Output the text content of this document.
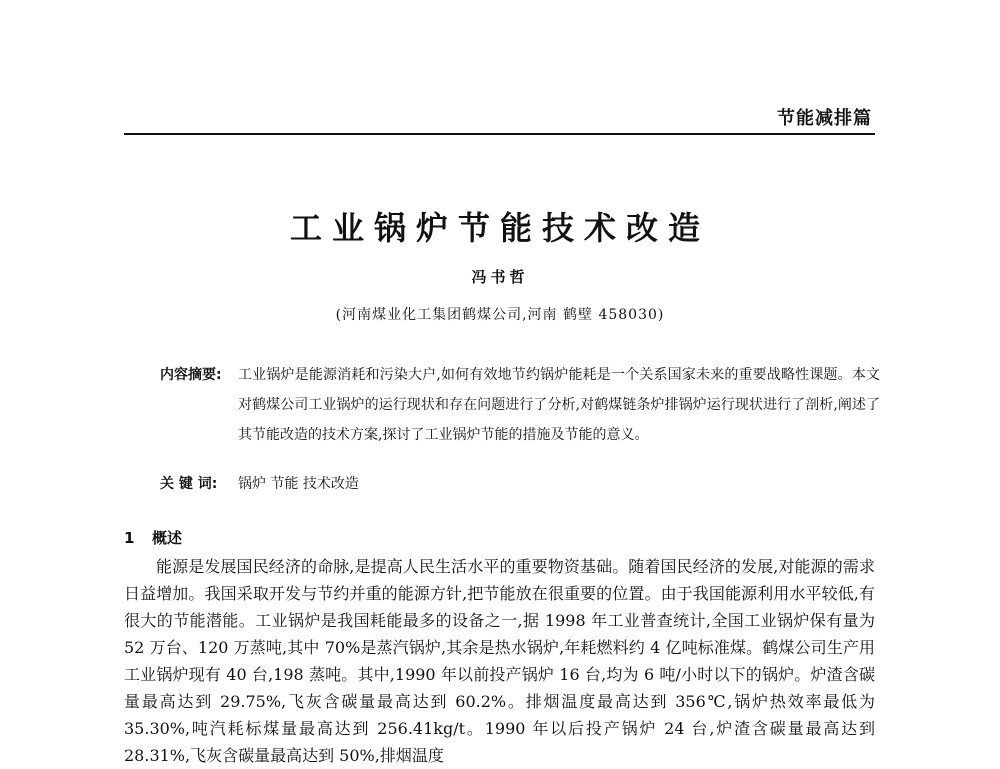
节能减排篇
工业锅炉节能技术改造
冯书哲
(河南煤业化工集团鹤煤公司,河南 鹤壁 458030)
内容摘要:	工业锅炉是能源消耗和污染大户,如何有效地节约锅炉能耗是一个关系国家未来的重要战略性课题。本文对鹤煤公司工业锅炉的运行现状和存在问题进行了分析,对鹤煤链条炉排锅炉运行现状进行了剖析,阐述了其节能改造的技术方案,探讨了工业锅炉节能的措施及节能的意义。
关 键 词:	锅炉 节能 技术改造
1 概述
能源是发展国民经济的命脉,是提高人民生活水平的重要物资基础。随着国民经济的发展,对能源的需求日益增加。我国采取开发与节约并重的能源方针,把节能放在很重要的位置。由于我国能源利用水平较低,有很大的节能潜能。工业锅炉是我国耗能最多的设备之一,据 1998 年工业普查统计,全国工业锅炉保有量为 52 万台、120 万蒸吨,其中 70%是蒸汽锅炉,其余是热水锅炉,年耗燃料约 4 亿吨标准煤。鹤煤公司生产用工业锅炉现有 40 台,198 蒸吨。其中,1990 年以前投产锅炉 16 台,均为 6 吨/小时以下的锅炉。炉渣含碳量最高达到 29.75%,飞灰含碳量最高达到 60.2%。排烟温度最高达到 356℃,锅炉热效率最低为 35.30%,吨汽耗标煤量最高达到 256.41kg/t。1990 年以后投产锅炉 24 台,炉渣含碳量最高达到 28.31%,飞灰含碳量最高达到 50%,排烟温度
